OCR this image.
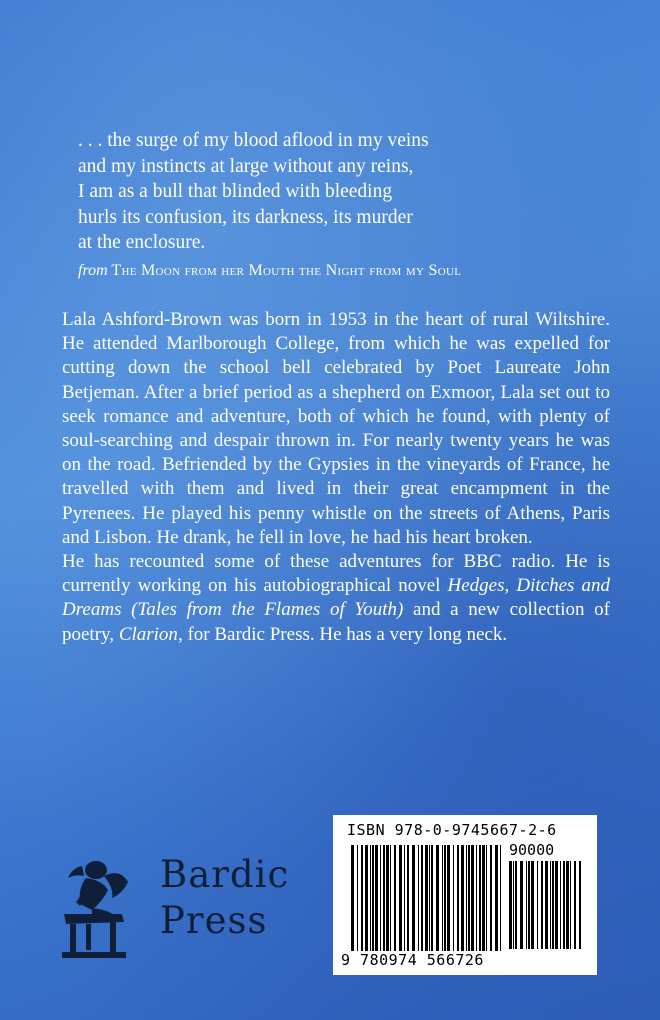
. . . the surge of my blood aflood in my veins
and my instincts at large without any reins,
I am as a bull that blinded with bleeding
hurls its confusion, its darkness, its murder
at the enclosure.
from The Moon from her Mouth the Night from my Soul

Lala Ashford-Brown was born in 1953 in the heart of rural Wiltshire. He attended Marlborough College, from which he was expelled for cutting down the school bell celebrated by Poet Laureate John Betjeman. After a brief period as a shepherd on Exmoor, Lala set out to seek romance and adventure, both of which he found, with plenty of soul-searching and despair thrown in. For nearly twenty years he was on the road. Befriended by the Gypsies in the vineyards of France, he travelled with them and lived in their great encampment in the Pyrenees. He played his penny whistle on the streets of Athens, Paris and Lisbon. He drank, he fell in love, he had his heart broken.

He has recounted some of these adventures for BBC radio. He is currently working on his autobiographical novel Hedges, Ditches and Dreams (Tales from the Flames of Youth) and a new collection of poetry, Clarion, for Bardic Press. He has a very long neck.

Bardic
Press
ISBN 978-0-9745667-2-6
90000
9 780974 566726
